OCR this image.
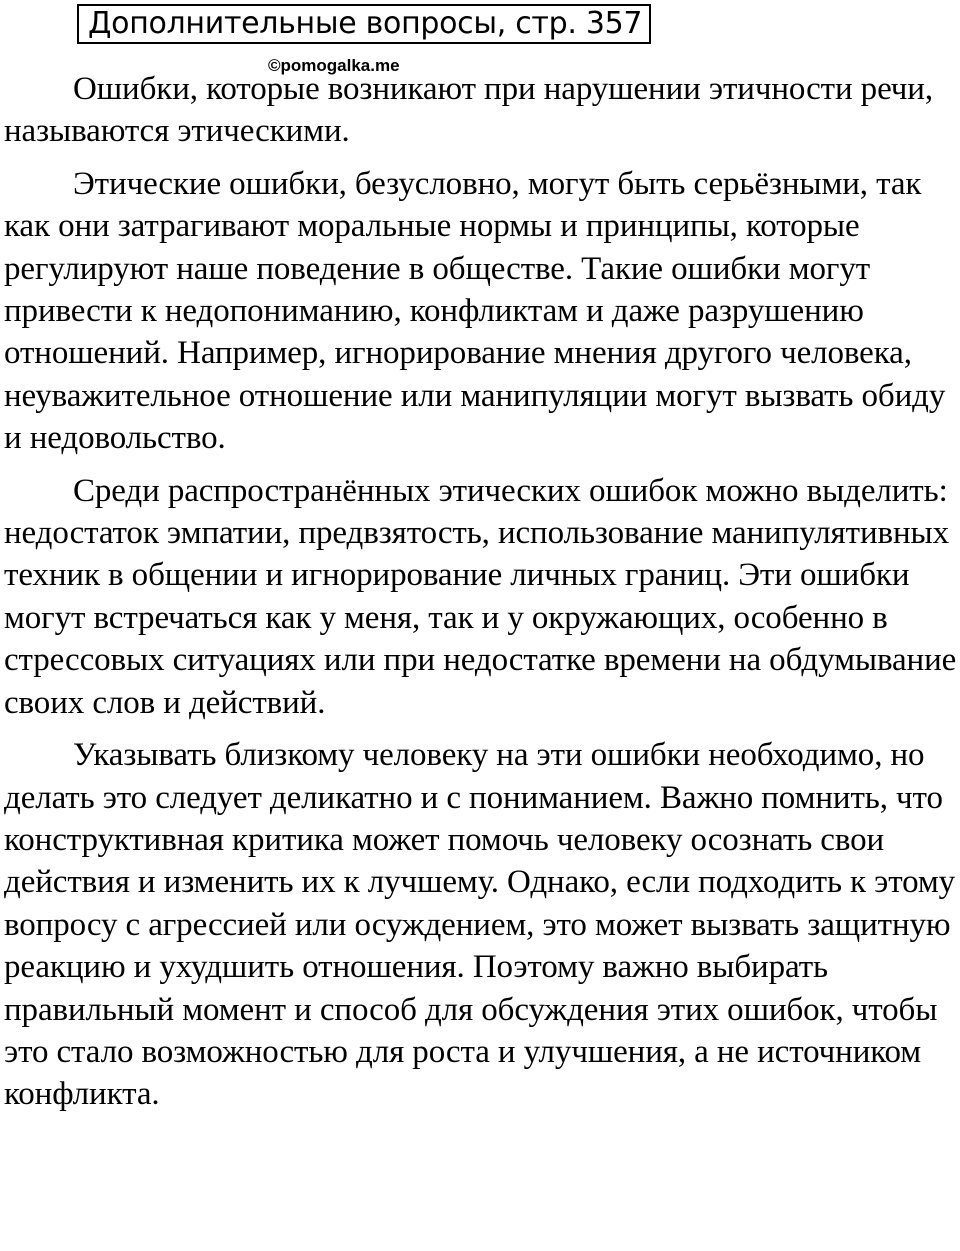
Дополнительные вопросы, стр. 357
©pomogalka.me

Ошибки, которые возникают при нарушении этичности речи, называются этическими.

Этические ошибки, безусловно, могут быть серьёзными, так как они затрагивают моральные нормы и принципы, которые регулируют наше поведение в обществе. Такие ошибки могут привести к недопониманию, конфликтам и даже разрушению отношений. Например, игнорирование мнения другого человека, неуважительное отношение или манипуляции могут вызвать обиду и недовольство.

Среди распространённых этических ошибок можно выделить: недостаток эмпатии, предвзятость, использование манипулятивных техник в общении и игнорирование личных границ. Эти ошибки могут встречаться как у меня, так и у окружающих, особенно в стрессовых ситуациях или при недостатке времени на обдумывание своих слов и действий.

Указывать близкому человеку на эти ошибки необходимо, но делать это следует деликатно и с пониманием. Важно помнить, что конструктивная критика может помочь человеку осознать свои действия и изменить их к лучшему. Однако, если подходить к этому вопросу с агрессией или осуждением, это может вызвать защитную реакцию и ухудшить отношения. Поэтому важно выбирать правильный момент и способ для обсуждения этих ошибок, чтобы это стало возможностью для роста и улучшения, а не источником конфликта.
